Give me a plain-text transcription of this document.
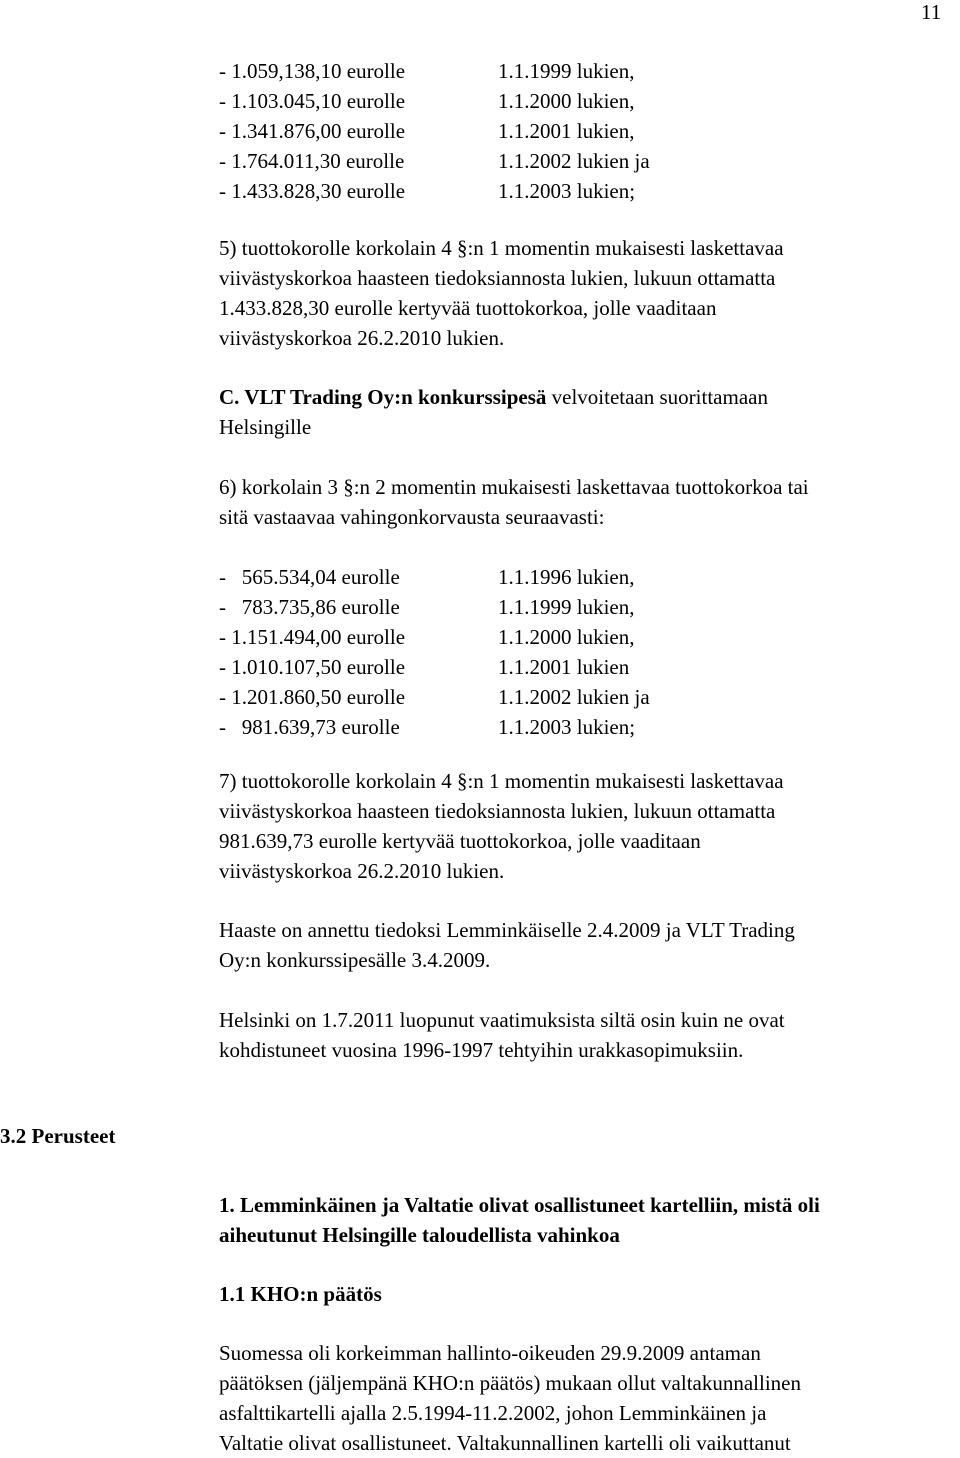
11
- 1.059,138,10 eurolle	1.1.1999 lukien,
- 1.103.045,10 eurolle	1.1.2000 lukien,
- 1.341.876,00 eurolle	1.1.2001 lukien,
- 1.764.011,30 eurolle	1.1.2002 lukien ja
- 1.433.828,30 eurolle	1.1.2003 lukien;
5) tuottokorolle korkolain 4 §:n 1 momentin mukaisesti laskettavaa
viivästyskorkoa haasteen tiedoksiannosta lukien, lukuun ottamatta
1.433.828,30 eurolle kertyvää tuottokorkoa, jolle vaaditaan
viivästyskorkoa 26.2.2010 lukien.
C. VLT Trading Oy:n konkurssipesä velvoitetaan suorittamaan
Helsingille
6) korkolain 3 §:n 2 momentin mukaisesti laskettavaa tuottokorkoa tai
sitä vastaavaa vahingonkorvausta seuraavasti:
-   565.534,04 eurolle	1.1.1996 lukien,
-   783.735,86 eurolle	1.1.1999 lukien,
- 1.151.494,00 eurolle	1.1.2000 lukien,
- 1.010.107,50 eurolle	1.1.2001 lukien
- 1.201.860,50 eurolle	1.1.2002 lukien ja
-   981.639,73 eurolle	1.1.2003 lukien;
7) tuottokorolle korkolain 4 §:n 1 momentin mukaisesti laskettavaa
viivästyskorkoa haasteen tiedoksiannosta lukien, lukuun ottamatta
981.639,73 eurolle kertyvää tuottokorkoa, jolle vaaditaan
viivästyskorkoa 26.2.2010 lukien.
Haaste on annettu tiedoksi Lemminkäiselle 2.4.2009 ja VLT Trading
Oy:n konkurssipesälle 3.4.2009.
Helsinki on 1.7.2011 luopunut vaatimuksista siltä osin kuin ne ovat
kohdistuneet vuosina 1996-1997 tehtyihin urakkasopimuksiin.
3.2 Perusteet
1. Lemminkäinen ja Valtatie olivat osallistuneet kartelliin, mistä oli
aiheutunut Helsingille taloudellista vahinkoa
1.1 KHO:n päätös
Suomessa oli korkeimman hallinto-oikeuden 29.9.2009 antaman
päätöksen (jäljempänä KHO:n päätös) mukaan ollut valtakunnallinen
asfalttikartelli ajalla 2.5.1994-11.2.2002, johon Lemminkäinen ja
Valtatie olivat osallistuneet. Valtakunnallinen kartelli oli vaikuttanut
